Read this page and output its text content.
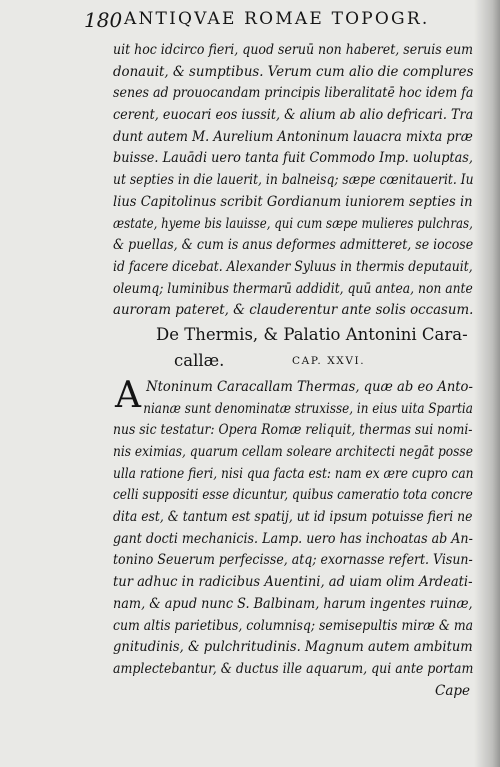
180 ANTIQVAE ROMAE TOPOGR.
uit hoc idcirco fieri, quod seruū non haberet, seruis eum
donauit, & sumptibus. Verum cum alio die complures
senes ad prouocandam principis liberalitatē hoc idem fa
cerent, euocari eos iussit, & alium ab alio defricari. Tra
dunt autem M. Aurelium Antoninum lauacra mixta præ
buisse. Lauādi uero tanta fuit Commodo Imp. uoluptas,
ut septies in die lauerit, in balneisq; sæpe cœnitauerit. Iu
lius Capitolinus scribit Gordianum iuniorem septies in
æstate, hyeme bis lauisse, qui cum sæpe mulieres pulchras,
& puellas, & cum is anus deformes admitteret, se iocose
id facere dicebat. Alexander Syluus in thermis deputauit,
oleumq; luminibus thermarū addidit, quū antea, non ante
auroram pateret, & clauderentur ante solis occasum.
De Thermis, & Palatio Antonini Cara-
callæ.	CAP. XXVI.
A Ntoninum Caracallam Thermas, quæ ab eo Anto-
nianæ sunt denominatæ struxisse, in eius uita Spartia
nus sic testatur: Opera Romæ reliquit, thermas sui nomi-
nis eximias, quarum cellam soleare architecti negāt posse
ulla ratione fieri, nisi qua facta est: nam ex ære cupro can
celli suppositi esse dicuntur, quibus cameratio tota concre
dita est, & tantum est spatij, ut id ipsum potuisse fieri ne
gant docti mechanicis. Lamp. uero has inchoatas ab An-
tonino Seuerum perfecisse, atq; exornasse refert. Visun-
tur adhuc in radicibus Auentini, ad uiam olim Ardeati-
nam, & apud nunc S. Balbinam, harum ingentes ruinæ,
cum altis parietibus, columnisq; semisepultis miræ & ma
gnitudinis, & pulchritudinis. Magnum autem ambitum
amplectebantur, & ductus ille aquarum, qui ante portam
Cape
